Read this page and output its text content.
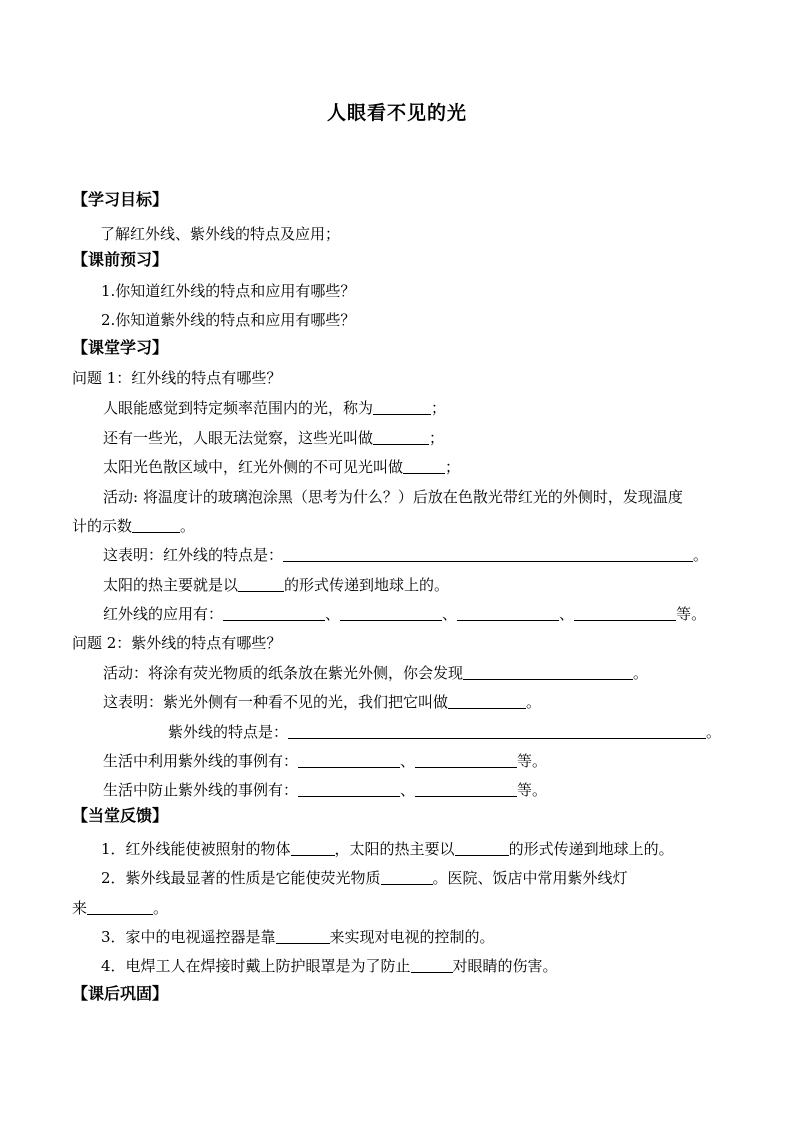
人眼看不见的光
【学习目标】
了解红外线、紫外线的特点及应用；
【课前预习】
1.你知道红外线的特点和应用有哪些？
2.你知道紫外线的特点和应用有哪些？
【课堂学习】
问题 1：红外线的特点有哪些？
人眼能感觉到特定频率范围内的光，称为	；
还有一些光，人眼无法觉察，这些光叫做	；
太阳光色散区域中，红光外侧的不可见光叫做	；
活动: 将温度计的玻璃泡涂黑（思考为什么？）后放在色散光带红光的外侧时，发现温度
计的示数	。
这表明：红外线的特点是：	。
太阳的热主要就是以	的形式传递到地球上的。
红外线的应用有：	、	、	、	等。
问题 2：紫外线的特点有哪些？
活动：将涂有荧光物质的纸条放在紫光外侧，你会发现	。
这表明：紫光外侧有一种看不见的光，我们把它叫做	。
紫外线的特点是：	。
生活中利用紫外线的事例有：	、	等。
生活中防止紫外线的事例有：	、	等。
【当堂反馈】
1．红外线能使被照射的物体	，太阳的热主要以	的形式传递到地球上的。
2．紫外线最显著的性质是它能使荧光物质	。医院、饭店中常用紫外线灯
来	。
3．家中的电视遥控器是靠	来实现对电视的控制的。
4．电焊工人在焊接时戴上防护眼罩是为了防止	对眼睛的伤害。
【课后巩固】
